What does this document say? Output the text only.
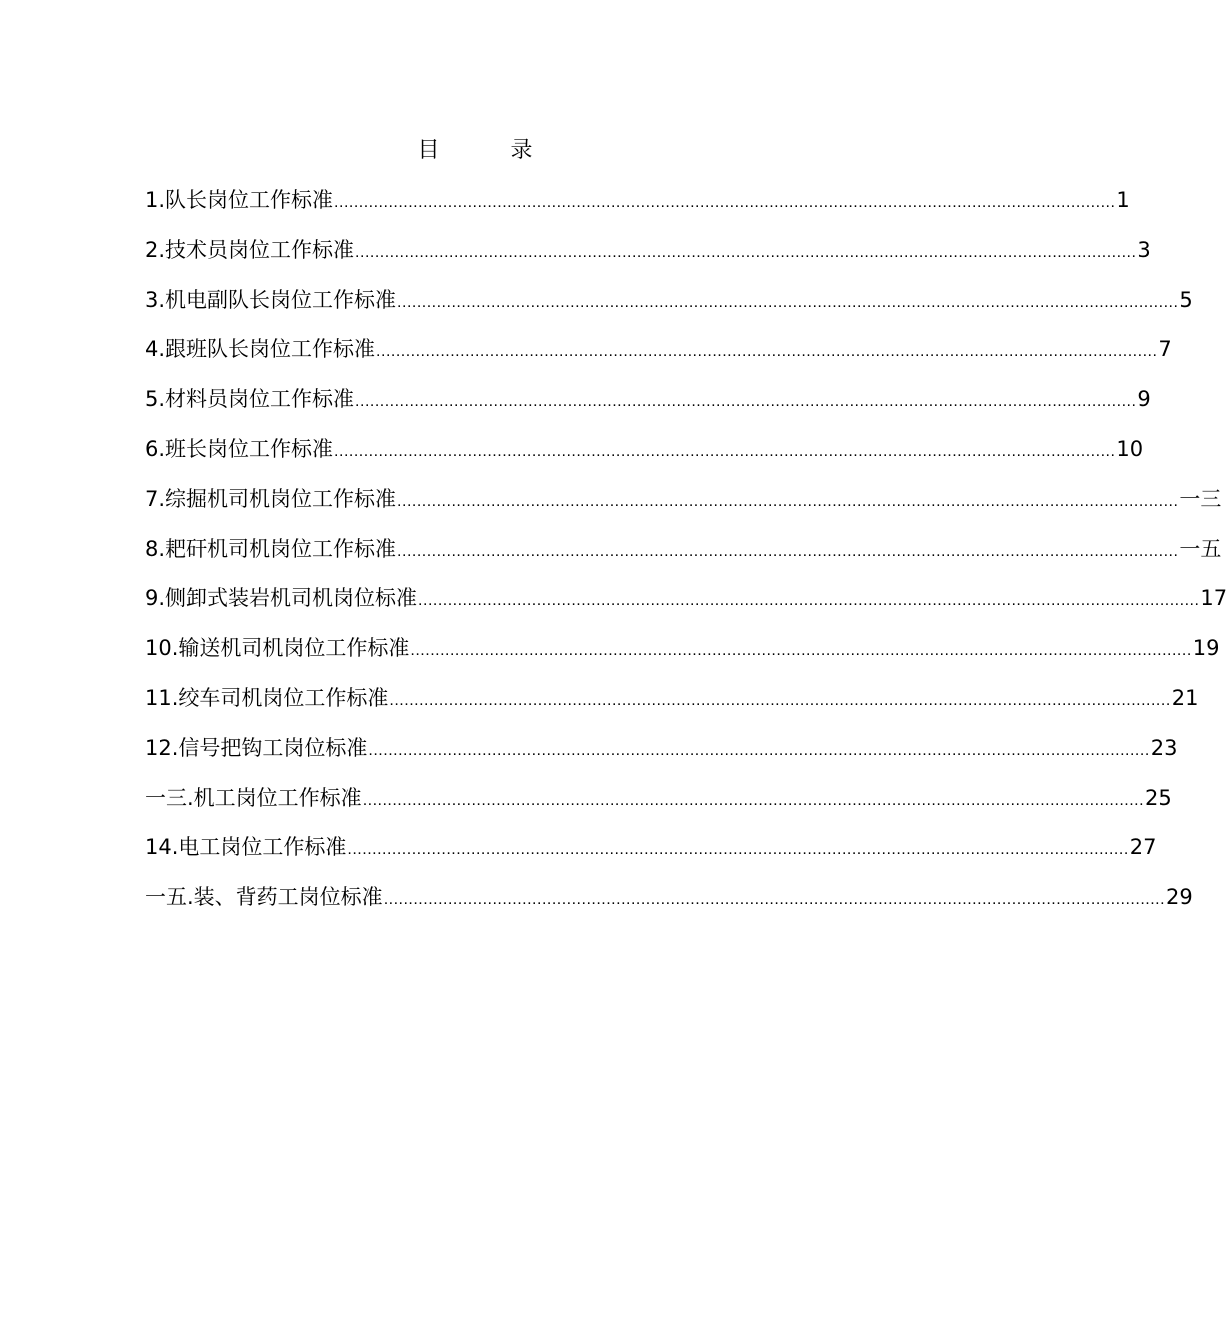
目 录
1.队长岗位工作标准 .............................................................................................................................................................. 1
2.技术员岗位工作标准 .............................................................................................................................................................. 3
3.机电副队长岗位工作标准 .............................................................................................................................................................. 5
4.跟班队长岗位工作标准 .............................................................................................................................................................. 7
5.材料员岗位工作标准 .............................................................................................................................................................. 9
6.班长岗位工作标准 .............................................................................................................................................................. 10
7.综掘机司机岗位工作标准 .............................................................................................................................................................. 一三
8.耙矸机司机岗位工作标准 .............................................................................................................................................................. 一五
9.侧卸式装岩机司机岗位标准 .............................................................................................................................................................. 17
10.输送机司机岗位工作标准 .............................................................................................................................................................. 19
11.绞车司机岗位工作标准 .............................................................................................................................................................. 21
12.信号把钩工岗位标准 .............................................................................................................................................................. 23
一三.机工岗位工作标准 .............................................................................................................................................................. 25
14.电工岗位工作标准 .............................................................................................................................................................. 27
一五.装、背药工岗位标准 .............................................................................................................................................................. 29
